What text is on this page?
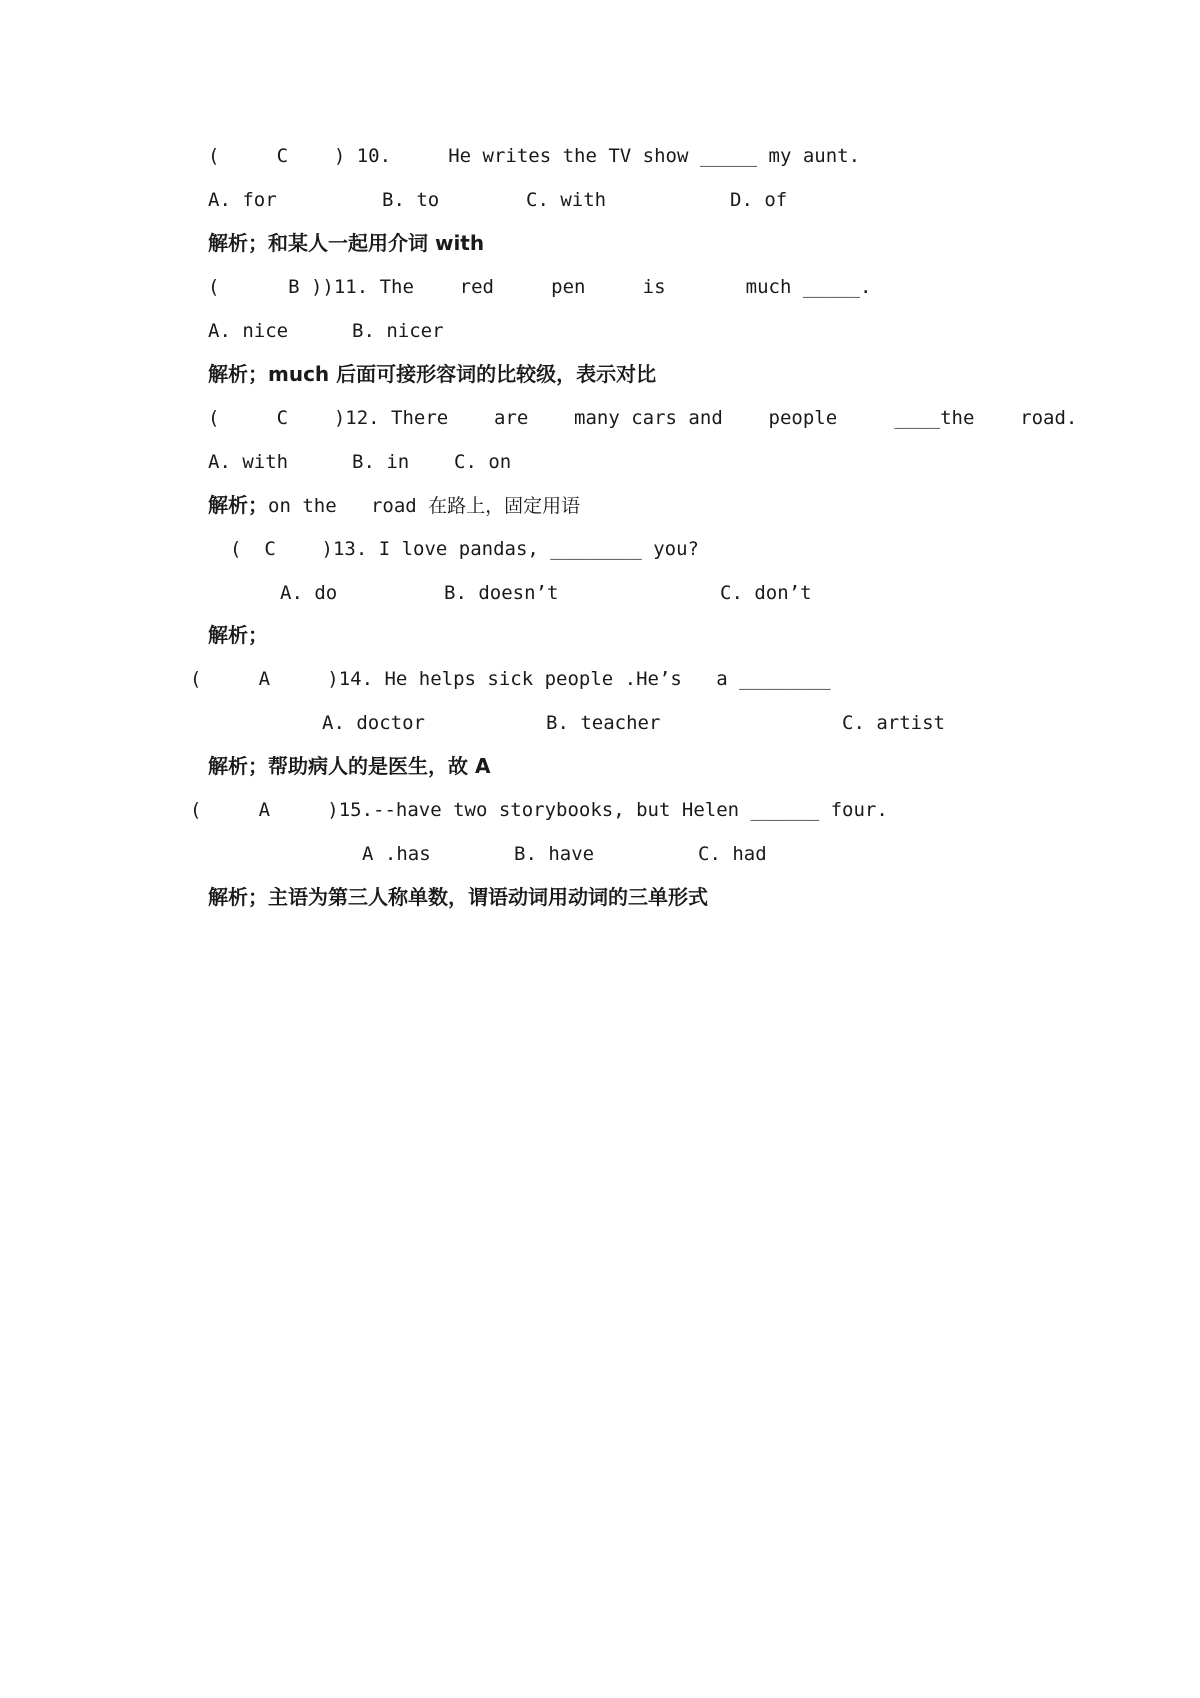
(     C    ) 10.     He writes the TV show _____ my aunt.
A. for	B. to	C. with	D. of
解析；和某人一起用介词 with
(      B ))11. The    red     pen     is       much _____.
A. nice	B. nicer
解析；much 后面可接形容词的比较级，表示对比
(     C    )12. There    are    many cars and    people     ____the    road.
A. with	B. in C. on
解析；on the   road 在路上，固定用语
(  C    )13. I love pandas, ________ you?
A. do	B. doesn’t	C. don’t
解析；
(     A     )14. He helps sick people .He’s   a ________
A. doctor	B. teacher	C. artist
解析；帮助病人的是医生，故 A
(     A     )15.--have two storybooks, but Helen ______ four.
A .has	B. have	C. had
解析；主语为第三人称单数，谓语动词用动词的三单形式
